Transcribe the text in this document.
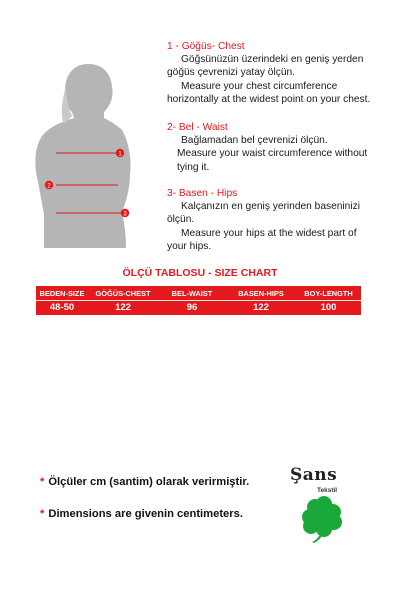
1
2
3
1 - Göğüs- Chest
Göğsünüzün üzerindeki en geniş yerden
göğüs çevrenizi yatay ölçün.
Measure your chest circumference
horizontally at the widest point on your chest.
2- Bel - Waist
Bağlamadan bel çevrenizi ölçün.
Measure your waist circumference without
tying it.
3- Basen - Hips
Kalçanızın en geniş yerinden baseninizi
ölçün.
Measure your hips at the widest part of
your hips.
ÖLÇÜ TABLOSU - SIZE CHART
BEDEN-SIZE	GÖĞÜS-CHEST	BEL-WAIST	BASEN-HIPS	BOY-LENGTH
48-50	122	96	122	100
* Ölçüler cm (santim) olarak verirmiştir.
* Dimensions are givenin centimeters.
Şans
Tekstil
